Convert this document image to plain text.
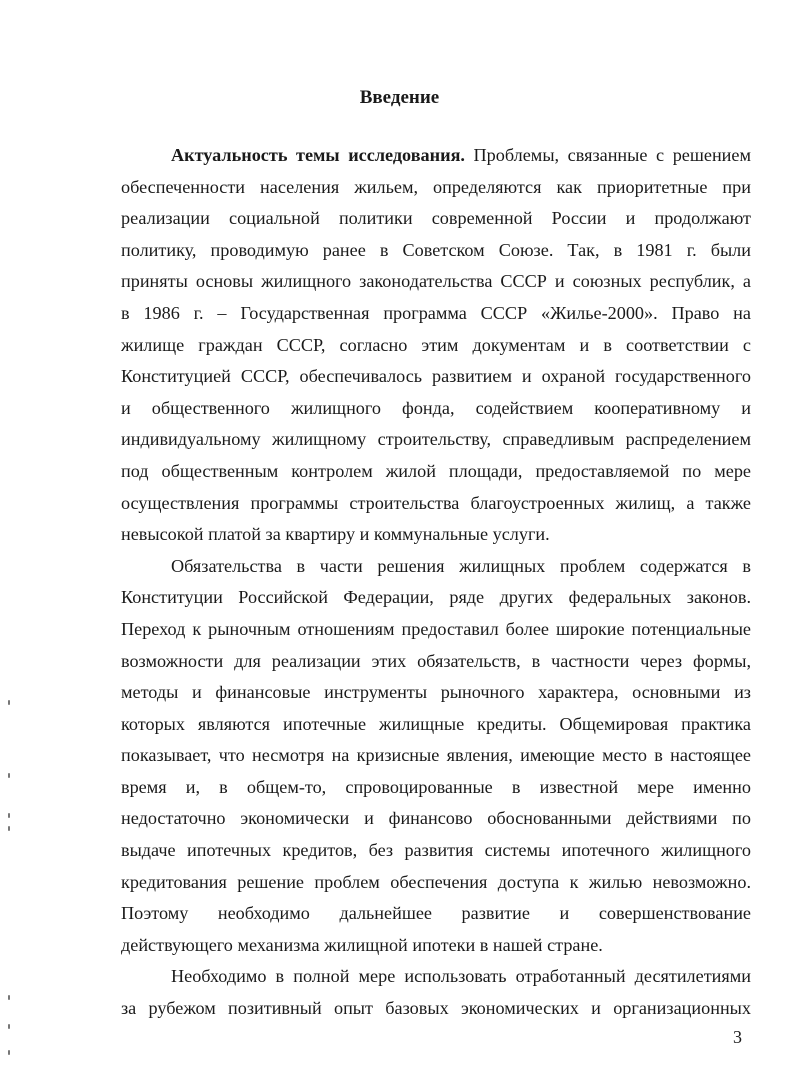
Введение
Актуальность темы исследования. Проблемы, связанные с решением
обеспеченности населения жильем, определяются как приоритетные при
реализации социальной политики современной России и продолжают
политику, проводимую ранее в Советском Союзе. Так, в 1981 г. были
приняты основы жилищного законодательства СССР и союзных республик, а
в 1986 г. – Государственная программа СССР «Жилье-2000». Право на
жилище граждан СССР, согласно этим документам и в соответствии с
Конституцией СССР, обеспечивалось развитием и охраной государственного
и общественного жилищного фонда, содействием кооперативному и
индивидуальному жилищному строительству, справедливым распределением
под общественным контролем жилой площади, предоставляемой по мере
осуществления программы строительства благоустроенных жилищ, а также
невысокой платой за квартиру и коммунальные услуги.
Обязательства в части решения жилищных проблем содержатся в
Конституции Российской Федерации, ряде других федеральных законов.
Переход к рыночным отношениям предоставил более широкие потенциальные
возможности для реализации этих обязательств, в частности через формы,
методы и финансовые инструменты рыночного характера, основными из
которых являются ипотечные жилищные кредиты. Общемировая практика
показывает, что несмотря на кризисные явления, имеющие место в настоящее
время и, в общем-то, спровоцированные в известной мере именно
недостаточно экономически и финансово обоснованными действиями по
выдаче ипотечных кредитов, без развития системы ипотечного жилищного
кредитования решение проблем обеспечения доступа к жилью невозможно.
Поэтому необходимо дальнейшее развитие и совершенствование
действующего механизма жилищной ипотеки в нашей стране.
Необходимо в полной мере использовать отработанный десятилетиями
за рубежом позитивный опыт базовых экономических и организационных
3
